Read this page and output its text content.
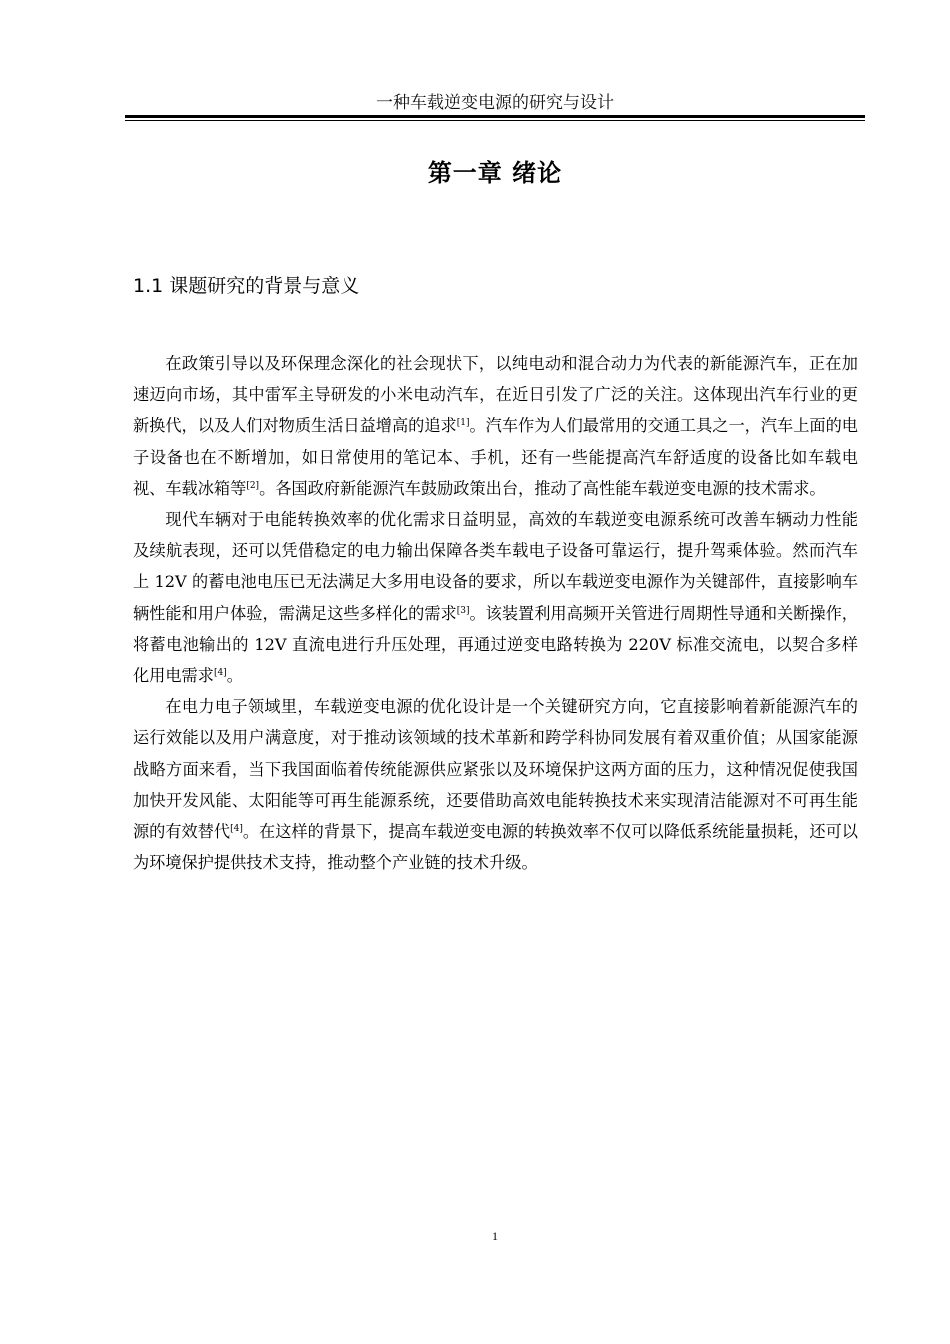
一种车载逆变电源的研究与设计
第一章 绪论
1.1 课题研究的背景与意义

在政策引导以及环保理念深化的社会现状下，以纯电动和混合动力为代表的新能源汽车，正在加速迈向市场，其中雷军主导研发的小米电动汽车，在近日引发了广泛的关注。这体现出汽车行业的更新换代，以及人们对物质生活日益增高的追求[1]。汽车作为人们最常用的交通工具之一，汽车上面的电子设备也在不断增加，如日常使用的笔记本、手机，还有一些能提高汽车舒适度的设备比如车载电视、车载冰箱等[2]。各国政府新能源汽车鼓励政策出台，推动了高性能车载逆变电源的技术需求。

现代车辆对于电能转换效率的优化需求日益明显，高效的车载逆变电源系统可改善车辆动力性能及续航表现，还可以凭借稳定的电力输出保障各类车载电子设备可靠运行，提升驾乘体验。然而汽车上 12V 的蓄电池电压已无法满足大多用电设备的要求，所以车载逆变电源作为关键部件，直接影响车辆性能和用户体验，需满足这些多样化的需求[3]。该装置利用高频开关管进行周期性导通和关断操作，将蓄电池输出的 12V 直流电进行升压处理，再通过逆变电路转换为 220V 标准交流电，以契合多样化用电需求[4]。

在电力电子领域里，车载逆变电源的优化设计是一个关键研究方向，它直接影响着新能源汽车的运行效能以及用户满意度，对于推动该领域的技术革新和跨学科协同发展有着双重价值；从国家能源战略方面来看，当下我国面临着传统能源供应紧张以及环境保护这两方面的压力，这种情况促使我国加快开发风能、太阳能等可再生能源系统，还要借助高效电能转换技术来实现清洁能源对不可再生能源的有效替代[4]。在这样的背景下，提高车载逆变电源的转换效率不仅可以降低系统能量损耗，还可以为环境保护提供技术支持，推动整个产业链的技术升级。

1
